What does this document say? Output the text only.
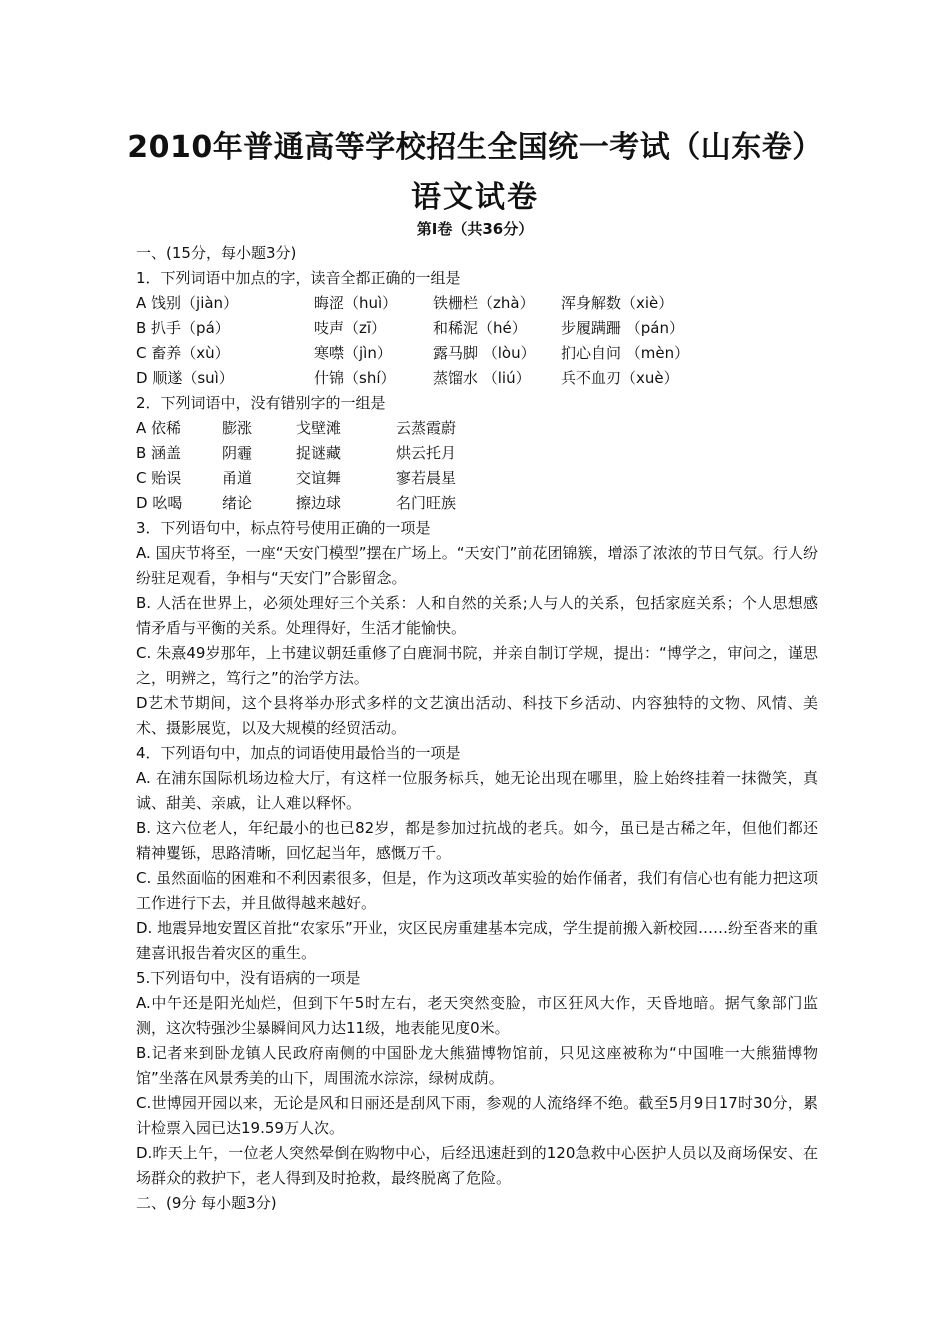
2010年普通高等学校招生全国统一考试（山东卷）
语文试卷
第Ⅰ卷（共36分）
一、(15分，每小题3分)
1．下列词语中加点的字，读音全都正确的一组是
A 饯别（jiàn）	晦涩（huì）	铁栅栏（zhà）	浑身解数（xiè）
B 扒手（pá）	吱声（zī）	和稀泥（hé）	步履蹒跚 （pán）
C 畜养（xù）	寒噤（jìn）	露马脚 （lòu）	扪心自问 （mèn）
D 顺遂（suì）	什锦（shí）	蒸馏水 （liú）	兵不血刃（xuè）
2．下列词语中，没有错别字的一组是
A 依稀	膨涨	戈壁滩	云蒸霞蔚
B 涵盖	阴霾	捉谜藏	烘云托月
C 贻误	甬道	交谊舞	寥若晨星
D 吆喝	绪论	擦边球	名门旺族
3．下列语句中，标点符号使用正确的一项是
A. 国庆节将至，一座“天安门模型”摆在广场上。“天安门”前花团锦簇，增添了浓浓的节日气氛。行人纷纷驻足观看，争相与“天安门”合影留念。
B. 人活在世界上，必须处理好三个关系：人和自然的关系;人与人的关系，包括家庭关系；个人思想感情矛盾与平衡的关系。处理得好，生活才能愉快。
C. 朱熹49岁那年，上书建议朝廷重修了白鹿洞书院，并亲自制订学规，提出：“博学之，审问之，谨思之，明辨之，笃行之”的治学方法。
D艺术节期间，这个县将举办形式多样的文艺演出活动、科技下乡活动、内容独特的文物、风情、美术、摄影展览，以及大规模的经贸活动。
4．下列语句中，加点的词语使用最恰当的一项是
A. 在浦东国际机场边检大厅，有这样一位服务标兵，她无论出现在哪里，脸上始终挂着一抹微笑，真诚、甜美、亲戚，让人难以释怀。
B. 这六位老人，年纪最小的也已82岁，都是参加过抗战的老兵。如今，虽已是古稀之年，但他们都还精神矍铄，思路清晰，回忆起当年，感慨万千。
C. 虽然面临的困难和不利因素很多，但是，作为这项改革实验的始作俑者，我们有信心也有能力把这项工作进行下去，并且做得越来越好。
D. 地震异地安置区首批“农家乐”开业，灾区民房重建基本完成，学生提前搬入新校园……纷至沓来的重建喜讯报告着灾区的重生。
5.下列语句中，没有语病的一项是
A.中午还是阳光灿烂，但到下午5时左右，老天突然变脸，市区狂风大作，天昏地暗。据气象部门监测，这次特强沙尘暴瞬间风力达11级，地表能见度0米。
B.记者来到卧龙镇人民政府南侧的中国卧龙大熊猫博物馆前，只见这座被称为“中国唯一大熊猫博物馆”坐落在风景秀美的山下，周围流水淙淙，绿树成荫。
C.世博园开园以来，无论是风和日丽还是刮风下雨，参观的人流络绎不绝。截至5月9日17时30分，累计检票入园已达19.59万人次。
D.昨天上午，一位老人突然晕倒在购物中心，后经迅速赶到的120急救中心医护人员以及商场保安、在场群众的救护下，老人得到及时抢救，最终脱离了危险。
二、(9分 每小题3分)
